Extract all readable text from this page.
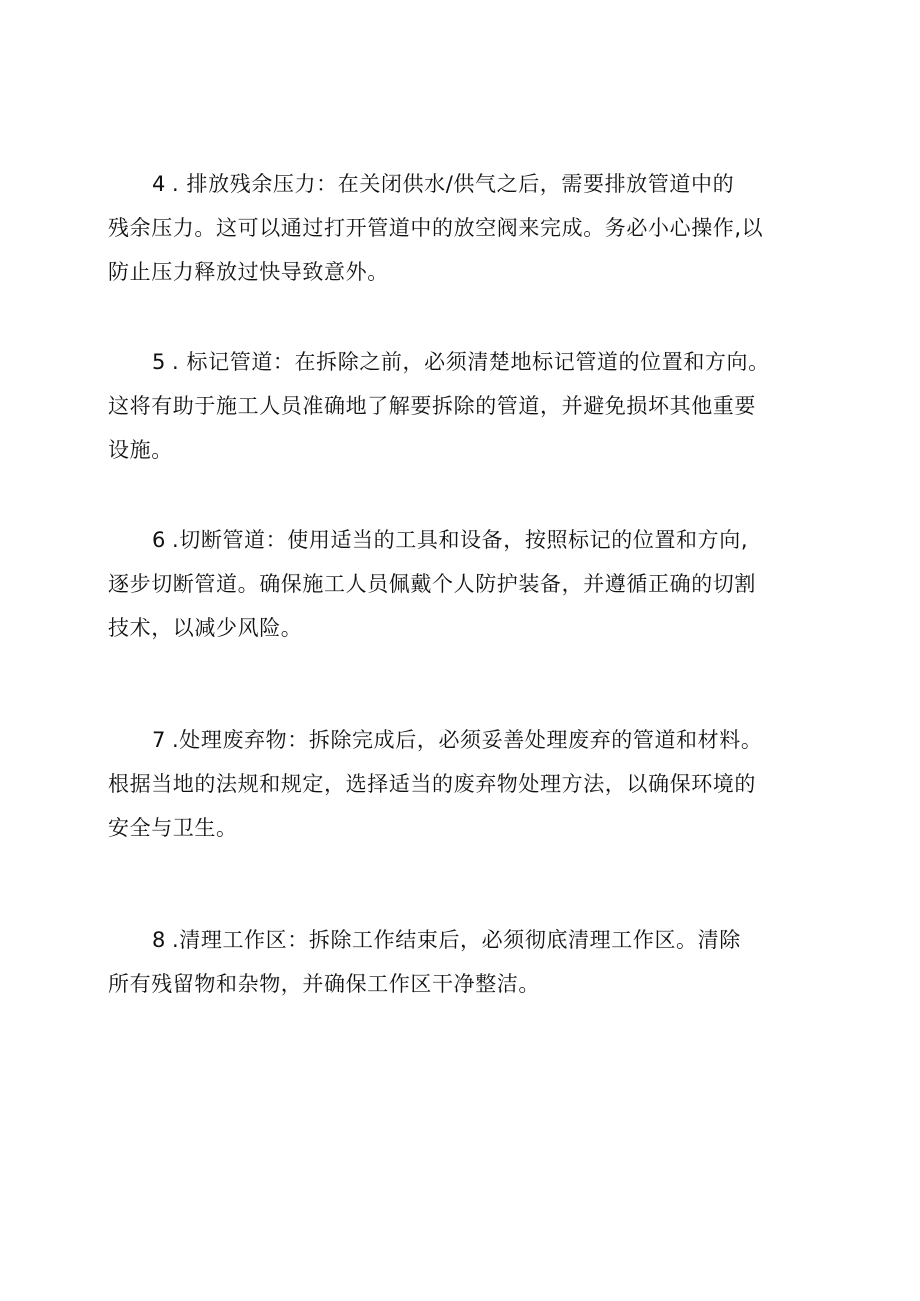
4 . 排放残余压力：在关闭供水/供气之后，需要排放管道中的
残余压力。这可以通过打开管道中的放空阀来完成。务必小心操作,以
防止压力释放过快导致意外。
5 . 标记管道：在拆除之前，必须清楚地标记管道的位置和方向。
这将有助于施工人员准确地了解要拆除的管道，并避免损坏其他重要
设施。
6 .切断管道：使用适当的工具和设备，按照标记的位置和方向,
逐步切断管道。确保施工人员佩戴个人防护装备，并遵循正确的切割
技术，以减少风险。
7 .处理废弃物：拆除完成后，必须妥善处理废弃的管道和材料。
根据当地的法规和规定，选择适当的废弃物处理方法，以确保环境的
安全与卫生。
8 .清理工作区：拆除工作结束后，必须彻底清理工作区。清除
所有残留物和杂物，并确保工作区干净整洁。
